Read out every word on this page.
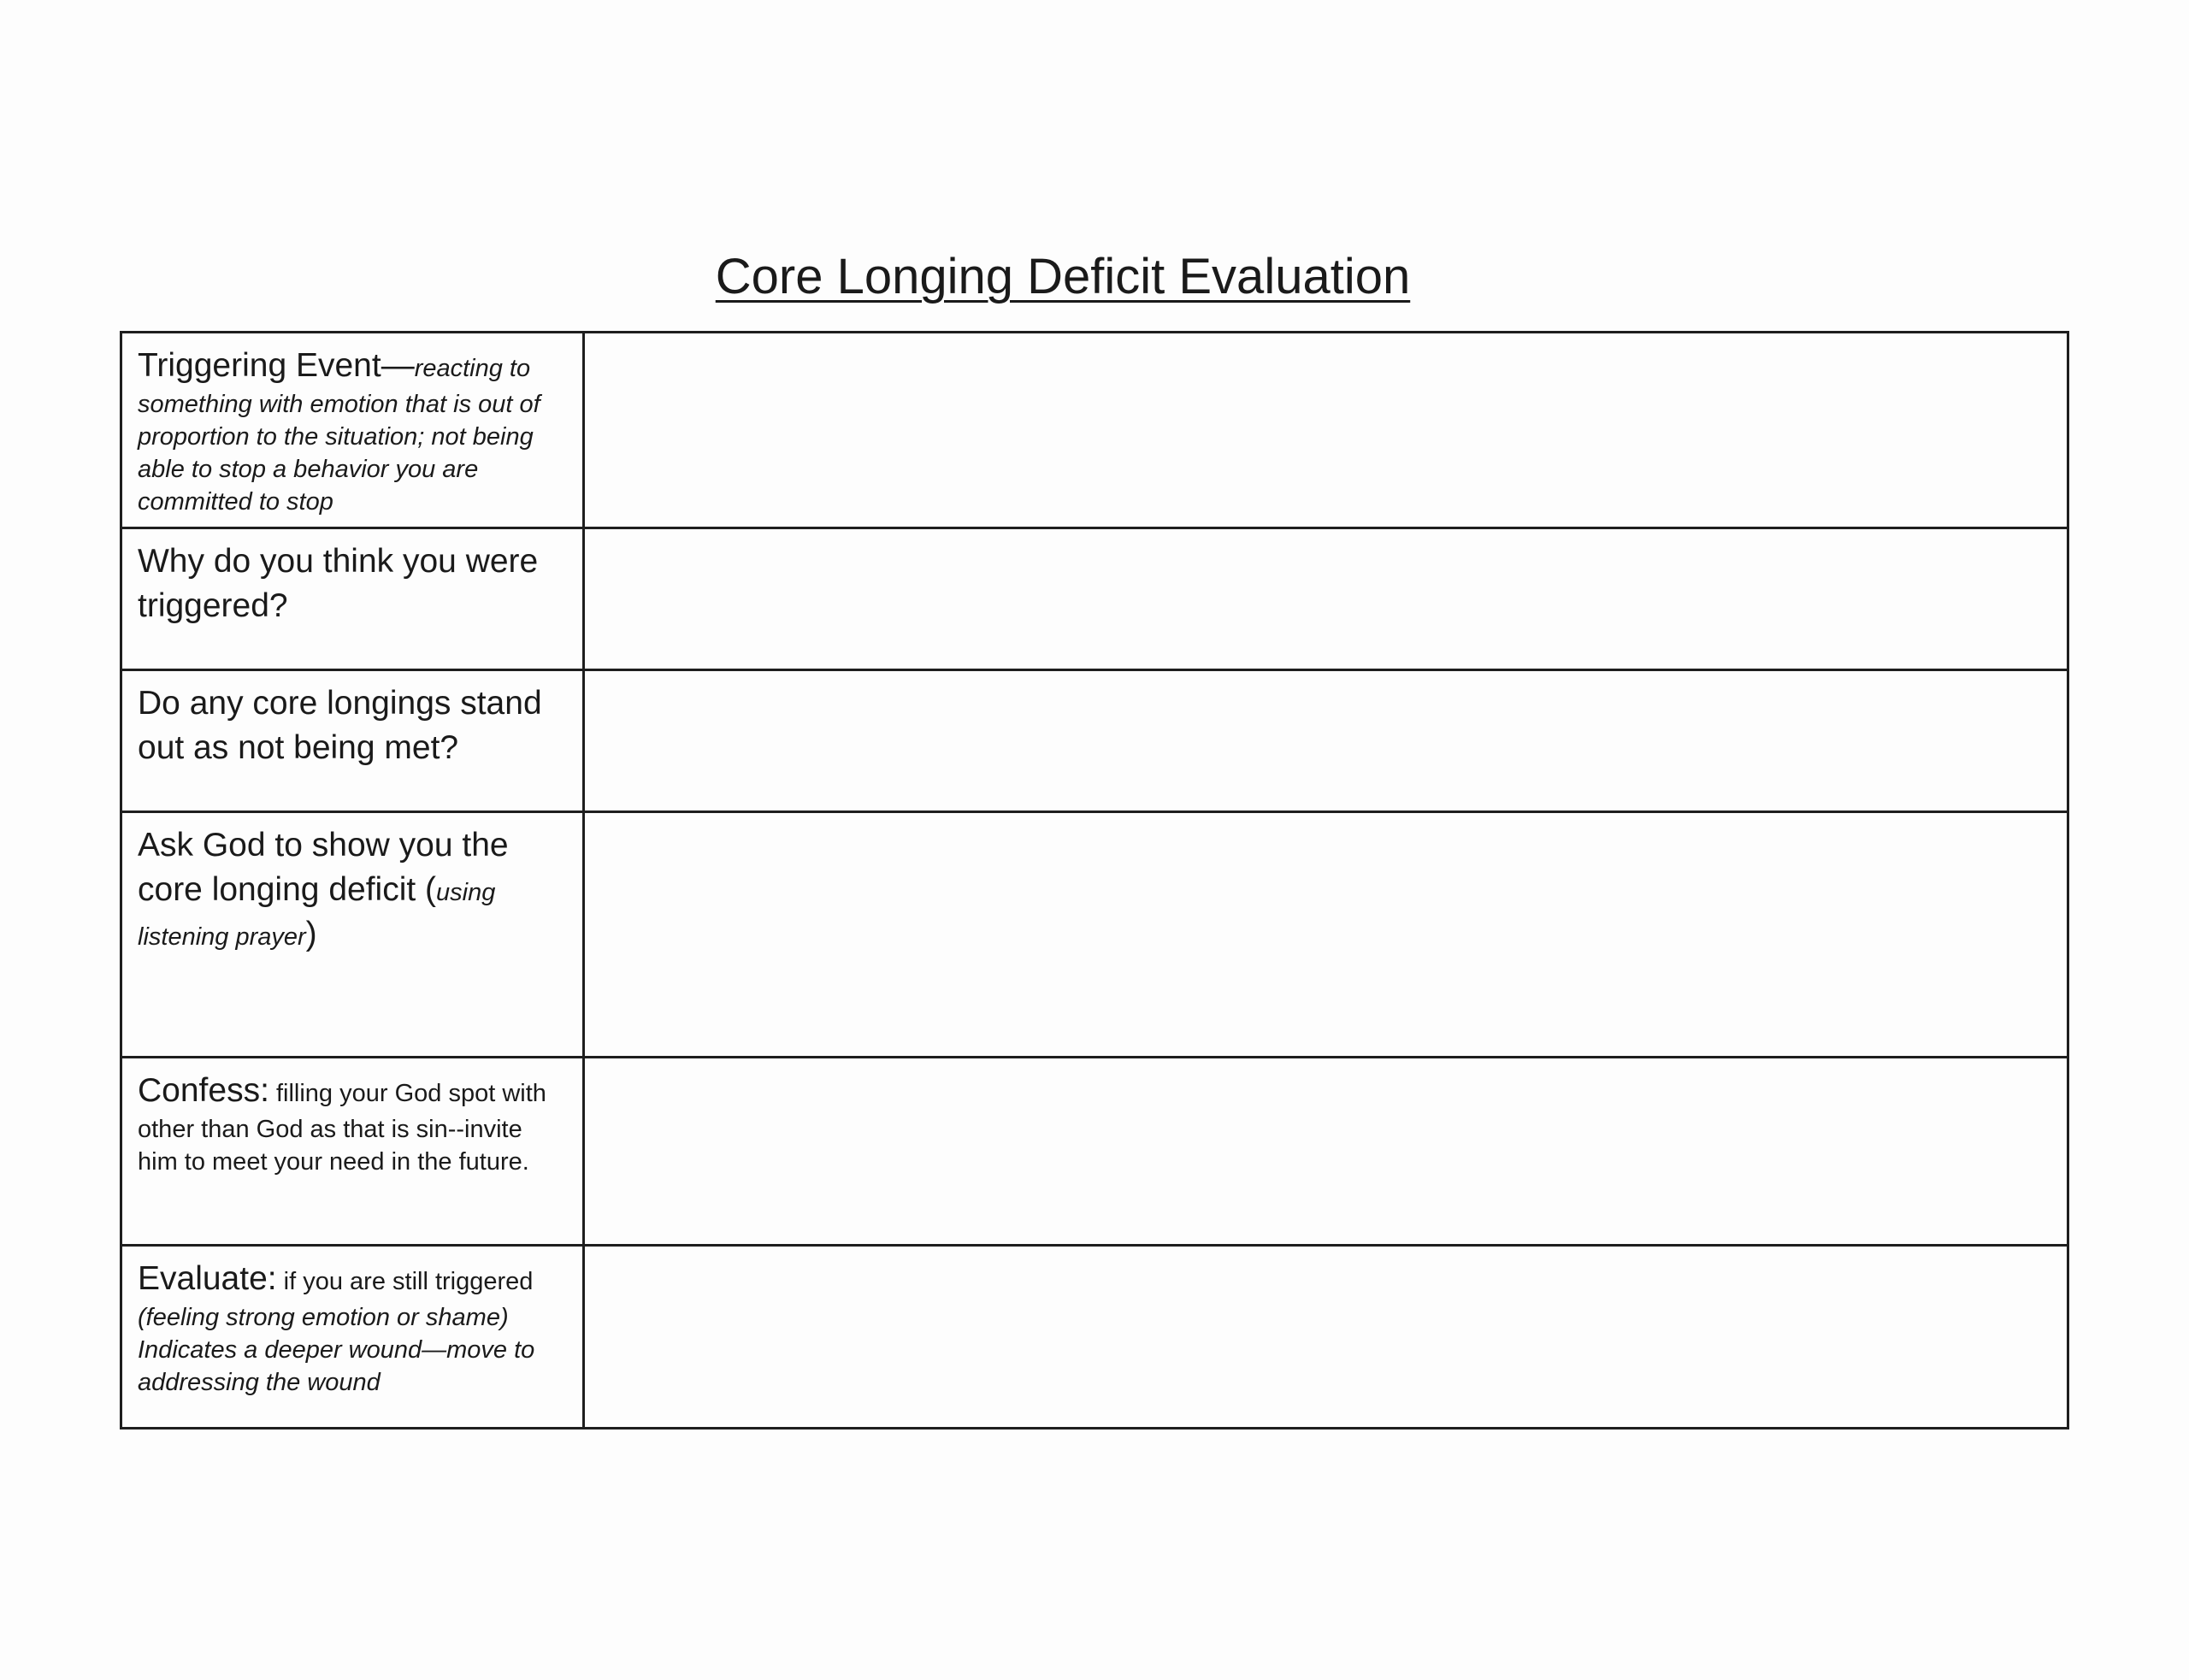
Core Longing Deficit Evaluation
Triggering Event—reacting to something with emotion that is out of proportion to the situation; not being able to stop a behavior you are committed to stop

Why do you think you were triggered?

Do any core longings stand out as not being met?

Ask God to show you the core longing deficit (using listening prayer)

Confess: filling your God spot with other than God as that is sin--invite him to meet your need in the future.

Evaluate: if you are still triggered (feeling strong emotion or shame) Indicates a deeper wound—move to addressing the wound
